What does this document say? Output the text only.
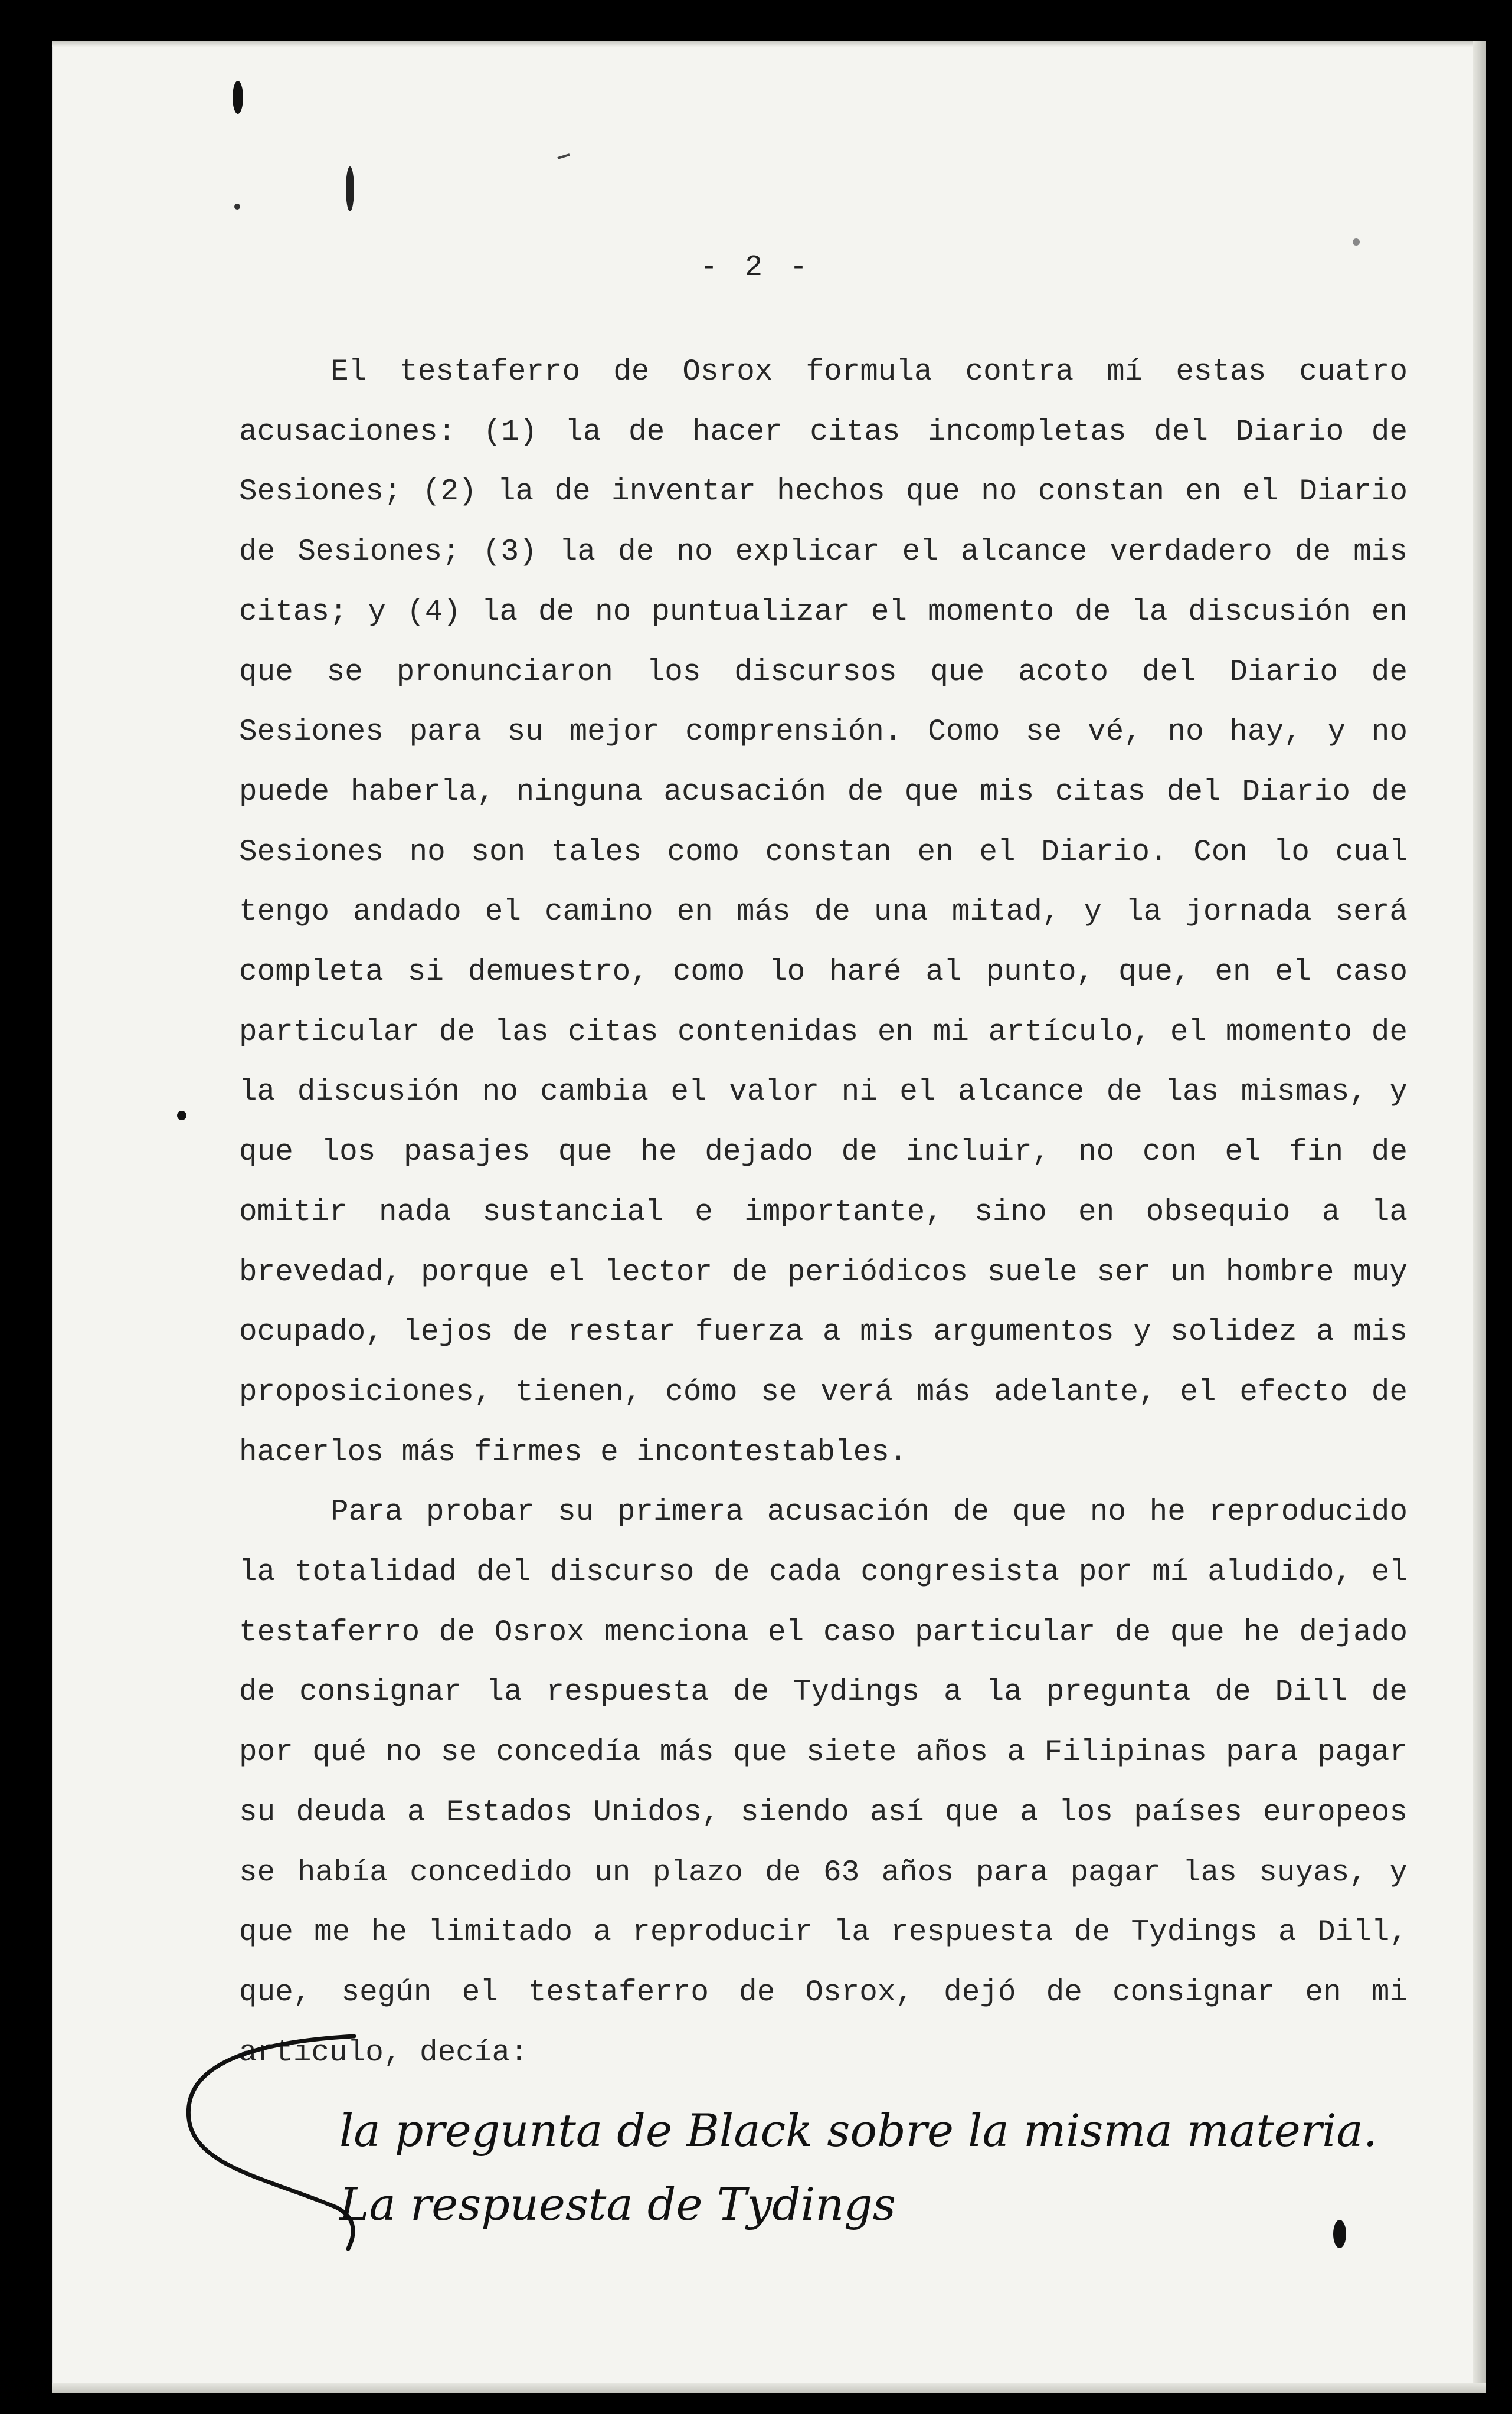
- 2 -

El testaferro de Osrox formula contra mí estas cuatro acusaciones: (1) la de hacer citas incompletas del Diario de Sesiones; (2) la de inventar hechos que no constan en el Diario de Sesiones; (3) la de no explicar el alcance verdadero de mis citas; y (4) la de no puntualizar el momento de la discusión en que se pronunciaron los discursos que acoto del Diario de Sesiones para su mejor comprensión. Como se vé, no hay, y no puede haberla, ninguna acusación de que mis citas del Diario de Sesiones no son tales como constan en el Diario. Con lo cual tengo andado el camino en más de una mitad, y la jornada será completa si demuestro, como lo haré al punto, que, en el caso particular de las citas contenidas en mi artículo, el momento de la discusión no cambia el valor ni el alcance de las mismas, y que los pasajes que he dejado de incluir, no con el fin de omitir nada sustancial e importante, sino en obsequio a la brevedad, porque el lector de periódicos suele ser un hombre muy ocupado, lejos de restar fuerza a mis argumentos y solidez a mis proposiciones, tienen, cómo se verá más adelante, el efecto de hacerlos más firmes e incontestables.

Para probar su primera acusación de que no he reproducido la totalidad del discurso de cada congresista por mí aludido, el testaferro de Osrox menciona el caso particular de que he dejado de consignar la respuesta de Tydings a la pregunta de Dill de por qué no se concedía más que siete años a Filipinas para pagar su deuda a Estados Unidos, siendo así que a los países europeos se había concedido un plazo de 63 años para pagar las suyas, y que me he limitado a reproducir la respuesta de Tydings a Dill, que, según el testaferro de Osrox, dejó de consignar en mi artículo, decía:

la pregunta de Black sobre la misma materia.
La respuesta de Tydings
